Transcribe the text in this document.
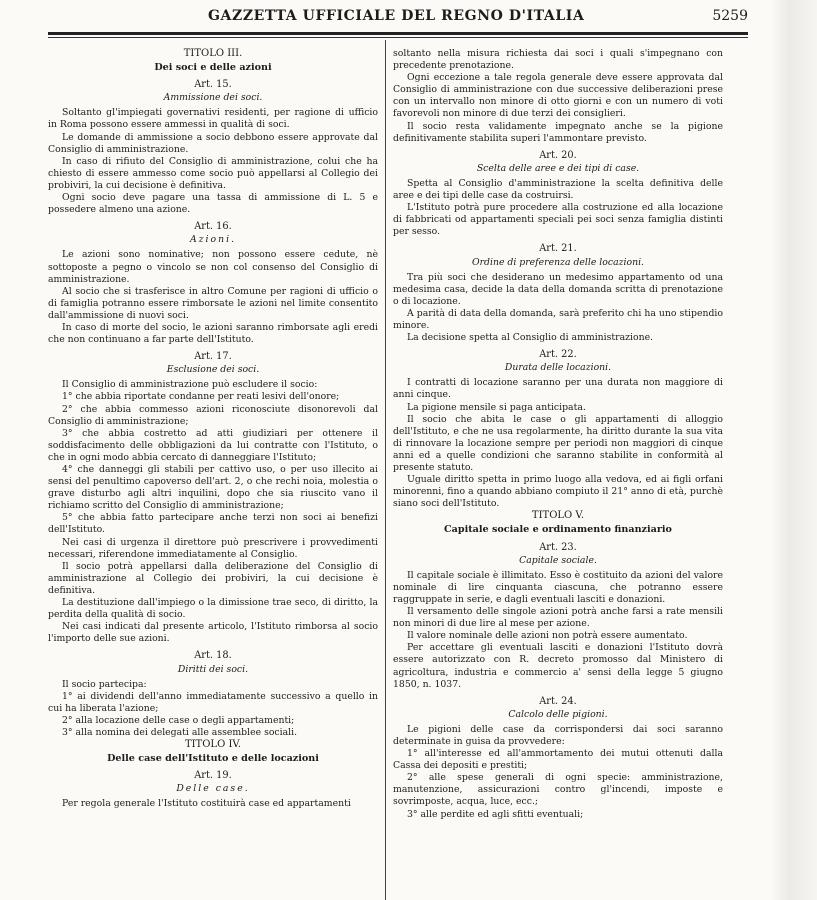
GAZZETTA UFFICIALE DEL REGNO D'ITALIA	5259
TITOLO III.
Dei soci e delle azioni
Art. 15.
Ammissione dei soci.
Soltanto gl'impiegati governativi residenti, per ragione di ufficio in Roma possono essere ammessi in qualità di soci.
Le domande di ammissione a socio debbono essere approvate dal Consiglio di amministrazione.
In caso di rifiuto del Consiglio di amministrazione, colui che ha chiesto di essere ammesso come socio può appellarsi al Collegio dei probiviri, la cui decisione è definitiva.
Ogni socio deve pagare una tassa di ammissione di L. 5 e possedere almeno una azione.
Art. 16.
Azioni.
Le azioni sono nominative; non possono essere cedute, nè sottoposte a pegno o vincolo se non col consenso del Consiglio di amministrazione.
Al socio che si trasferisce in altro Comune per ragioni di ufficio o di famiglia potranno essere rimborsate le azioni nel limite consentito dall'ammissione di nuovi soci.
In caso di morte del socio, le azioni saranno rimborsate agli eredi che non continuano a far parte dell'Istituto.
Art. 17.
Esclusione dei soci.
Il Consiglio di amministrazione può escludere il socio:
1° che abbia riportate condanne per reati lesivi dell'onore;
2° che abbia commesso azioni riconosciute disonorevoli dal Consiglio di amministrazione;
3° che abbia costretto ad atti giudiziari per ottenere il soddisfacimento delle obbligazioni da lui contratte con l'Istituto, o che in ogni modo abbia cercato di danneggiare l'Istituto;
4° che danneggi gli stabili per cattivo uso, o per uso illecito ai sensi del penultimo capoverso dell'art. 2, o che rechi noia, molestia o grave disturbo agli altri inquilini, dopo che sia riuscito vano il richiamo scritto del Consiglio di amministrazione;
5° che abbia fatto partecipare anche terzi non soci ai benefizi dell'Istituto.
Nei casi di urgenza il direttore può prescrivere i provvedimenti necessari, riferendone immediatamente al Consiglio.
Il socio potrà appellarsi dalla deliberazione del Consiglio di amministrazione al Collegio dei probiviri, la cui decisione è definitiva.
La destituzione dall'impiego o la dimissione trae seco, di diritto, la perdita della qualità di socio.
Nei casi indicati dal presente articolo, l'Istituto rimborsa al socio l'importo delle sue azioni.
Art. 18.
Diritti dei soci.
Il socio partecipa:
1° ai dividendi dell'anno immediatamente successivo a quello in cui ha liberata l'azione;
2° alla locazione delle case o degli appartamenti;
3° alla nomina dei delegati alle assemblee sociali.
TITOLO IV.
Delle case dell'Istituto e delle locazioni
Art. 19.
Delle case.
Per regola generale l'Istituto costituirà case ed appartamenti
soltanto nella misura richiesta dai soci i quali s'impegnano con precedente prenotazione.
Ogni eccezione a tale regola generale deve essere approvata dal Consiglio di amministrazione con due successive deliberazioni prese con un intervallo non minore di otto giorni e con un numero di voti favorevoli non minore di due terzi dei consiglieri.
Il socio resta validamente impegnato anche se la pigione definitivamente stabilita superi l'ammontare previsto.
Art. 20.
Scelta delle aree e dei tipi di case.
Spetta al Consiglio d'amministrazione la scelta definitiva delle aree e dei tipi delle case da costruirsi.
L'Istituto potrà pure procedere alla costruzione ed alla locazione di fabbricati od appartamenti speciali pei soci senza famiglia distinti per sesso.
Art. 21.
Ordine di preferenza delle locazioni.
Tra più soci che desiderano un medesimo appartamento od una medesima casa, decide la data della domanda scritta di prenotazione o di locazione.
A parità di data della domanda, sarà preferito chi ha uno stipendio minore.
La decisione spetta al Consiglio di amministrazione.
Art. 22.
Durata delle locazioni.
I contratti di locazione saranno per una durata non maggiore di anni cinque.
La pigione mensile si paga anticipata.
Il socio che abita le case o gli appartamenti di alloggio dell'Istituto, e che ne usa regolarmente, ha diritto durante la sua vita di rinnovare la locazione sempre per periodi non maggiori di cinque anni ed a quelle condizioni che saranno stabilite in conformità al presente statuto.
Uguale diritto spetta in primo luogo alla vedova, ed ai figli orfani minorenni, fino a quando abbiano compiuto il 21° anno di età, purchè siano soci dell'Istituto.
TITOLO V.
Capitale sociale e ordinamento finanziario
Art. 23.
Capitale sociale.
Il capitale sociale è illimitato. Esso è costituito da azioni del valore nominale di lire cinquanta ciascuna, che potranno essere raggruppate in serie, e dagli eventuali lasciti e donazioni.
Il versamento delle singole azioni potrà anche farsi a rate mensili non minori di due lire al mese per azione.
Il valore nominale delle azioni non potrà essere aumentato.
Per accettare gli eventuali lasciti e donazioni l'Istituto dovrà essere autorizzato con R. decreto promosso dal Ministero di agricoltura, industria e commercio a' sensi della legge 5 giugno 1850, n. 1037.
Art. 24.
Calcolo delle pigioni.
Le pigioni delle case da corrispondersi dai soci saranno determinate in guisa da provvedere:
1° all'interesse ed all'ammortamento dei mutui ottenuti dalla Cassa dei depositi e prestiti;
2° alle spese generali di ogni specie: amministrazione, manutenzione, assicurazioni contro gl'incendi, imposte e sovrimposte, acqua, luce, ecc.;
3° alle perdite ed agli sfitti eventuali;
